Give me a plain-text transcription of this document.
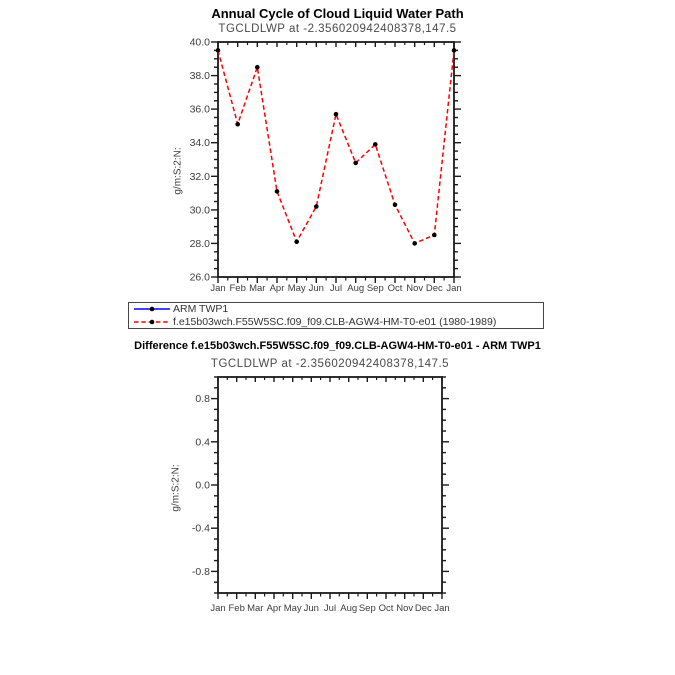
Annual Cycle of Cloud Liquid Water Path
TGCLDLWP at -2.356020942408378,147.5
g/m:S:2:N:
g/m:S:2:N:
26.0
28.0
30.0
32.0
34.0
36.0
38.0
40.0
Jan Feb Mar Apr May Jun Jul Aug Sep Oct Nov Dec Jan
-0.8
-0.4
0.0
0.4
0.8
Jan Feb Mar Apr May Jun Jul Aug Sep Oct Nov Dec Jan
ARM TWP1
f.e15b03wch.F55W5SC.f09_f09.CLB-AGW4-HM-T0-e01 (1980-1989)
Difference f.e15b03wch.F55W5SC.f09_f09.CLB-AGW4-HM-T0-e01 - ARM TWP1
TGCLDLWP at -2.356020942408378,147.5
